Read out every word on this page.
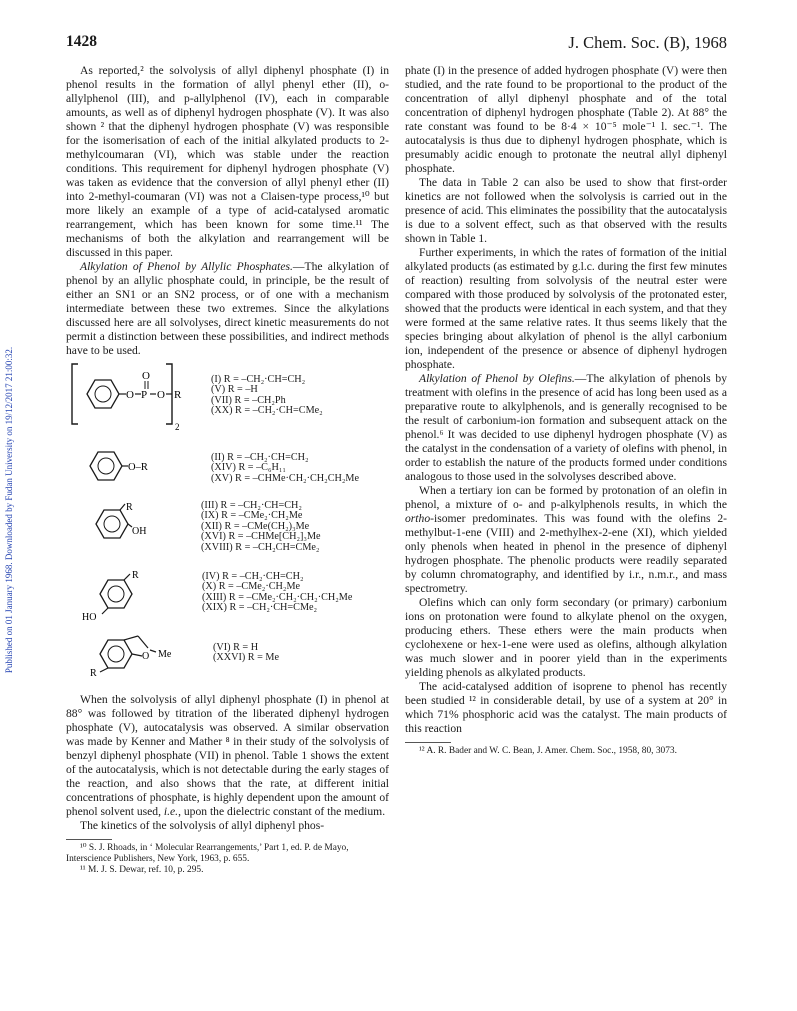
1428	J. Chem. Soc. (B), 1968
Published on 01 January 1968. Downloaded by Fudan University on 19/12/2017 21:00:32.

As reported,² the solvolysis of allyl diphenyl phosphate (I) in phenol results in the formation of allyl phenyl ether (II), o-allylphenol (III), and p-allylphenol (IV), each in comparable amounts, as well as of diphenyl hydrogen phosphate (V). It was also shown ² that the diphenyl hydrogen phosphate (V) was responsible for the isomerisation of each of the initial alkylated products to 2-methylcoumaran (VI), which was stable under the reaction conditions. This requirement for diphenyl hydrogen phosphate (V) was taken as evidence that the conversion of allyl phenyl ether (II) into 2-methyl-coumaran (VI) was not a Claisen-type process,¹⁰ but more likely an example of a type of acid-catalysed aromatic rearrangement, which has been known for some time.¹¹ The mechanisms of both the alkylation and rearrangement will be discussed in this paper.

Alkylation of Phenol by Allylic Phosphates.—The alkylation of phenol by an allylic phosphate could, in principle, be the result of either an SN1 or an SN2 process, or of one with a mechanism intermediate between these two extremes. Since the alkylations discussed here are all solvolyses, direct kinetic measurements do not permit a distinction between these possibilities, and indirect methods have to be used.

O P
O
O R
2
(I) R = –CH₂·CH=CH₂
(V) R = –H
(VII) R = –CH₂Ph
(XX) R = –CH₂·CH=CMe₂
O–R
(II) R = –CH₂·CH=CH₂
(XIV) R = –C₆H₁₁
(XV) R = –CHMe·CH₂·CH₂CH₂Me
R
OH
(III) R = –CH₂·CH=CH₂
(IX) R = –CMe₂·CH₂Me
(XII) R = –CMe(CH₂)₃Me
(XVI) R = –CHMe[CH₂]₃Me
(XVIII) R = –CH₂CH=CMe₂
R
HO
(IV) R = –CH₂·CH=CH₂
(X) R = –CMe₂·CH₂Me
(XIII) R = –CMe₂·CH₂·CH₂·CH₂Me
(XIX) R = –CH₂·CH=CMe₂
O Me
R
(VI) R = H
(XXVI) R = Me

When the solvolysis of allyl diphenyl phosphate (I) in phenol at 88° was followed by titration of the liberated diphenyl hydrogen phosphate (V), autocatalysis was observed. A similar observation was made by Kenner and Mather ⁸ in their study of the solvolysis of benzyl diphenyl phosphate (VII) in phenol. Table 1 shows the extent of the autocatalysis, which is not detectable during the early stages of the reaction, and also shows that the rate, at different initial concentrations of phosphate, is highly dependent upon the amount of phenol solvent used, i.e., upon the dielectric constant of the medium.

The kinetics of the solvolysis of allyl diphenyl phos-

¹⁰ S. J. Rhoads, in ‘ Molecular Rearrangements,’ Part 1, ed. P. de Mayo, Interscience Publishers, New York, 1963, p. 655.

¹¹ M. J. S. Dewar, ref. 10, p. 295.

phate (I) in the presence of added hydrogen phosphate (V) were then studied, and the rate found to be proportional to the product of the concentration of allyl diphenyl phosphate and of the total concentration of diphenyl hydrogen phosphate (Table 2). At 88° the rate constant was found to be 8·4 × 10⁻⁵ mole⁻¹ l. sec.⁻¹. The autocatalysis is thus due to diphenyl hydrogen phosphate, which is presumably acidic enough to protonate the neutral allyl diphenyl phosphate.

The data in Table 2 can also be used to show that first-order kinetics are not followed when the solvolysis is carried out in the presence of acid. This eliminates the possibility that the autocatalysis is due to a solvent effect, such as that observed with the results shown in Table 1.

Further experiments, in which the rates of formation of the initial alkylated products (as estimated by g.l.c. during the first few minutes of reaction) resulting from solvolysis of the neutral ester were compared with those produced by solvolysis of the protonated ester, showed that the products were identical in each system, and that they were formed at the same relative rates. It thus seems likely that the species bringing about alkylation of phenol is the allyl carbonium ion, independent of the presence or absence of diphenyl hydrogen phosphate.

Alkylation of Phenol by Olefins.—The alkylation of phenols by treatment with olefins in the presence of acid has long been used as a preparative route to alkylphenols, and is generally recognised to be the result of carbonium-ion formation and subsequent attack on the phenol.⁶ It was decided to use diphenyl hydrogen phosphate (V) as the catalyst in the condensation of a variety of olefins with phenol, in order to establish the nature of the products formed under conditions analogous to those used in the solvolyses described above.

When a tertiary ion can be formed by protonation of an olefin in phenol, a mixture of o- and p-alkylphenols results, in which the ortho-isomer predominates. This was found with the olefins 2-methylbut-1-ene (VIII) and 2-methylhex-2-ene (XI), which yielded only phenols when heated in phenol in the presence of diphenyl hydrogen phosphate. The phenolic products were readily separated by column chromatography, and identified by i.r., n.m.r., and mass spectrometry.

Olefins which can only form secondary (or primary) carbonium ions on protonation were found to alkylate phenol on the oxygen, producing ethers. These ethers were the main products when cyclohexene or hex-1-ene were used as olefins, although alkylation was much slower and in poorer yield than in the experiments yielding phenols as alkylated products.

The acid-catalysed addition of isoprene to phenol has recently been studied ¹² in considerable detail, by use of a system at 20° in which 71% phosphoric acid was the catalyst. The main products of this reaction

¹² A. R. Bader and W. C. Bean, J. Amer. Chem. Soc., 1958, 80, 3073.
